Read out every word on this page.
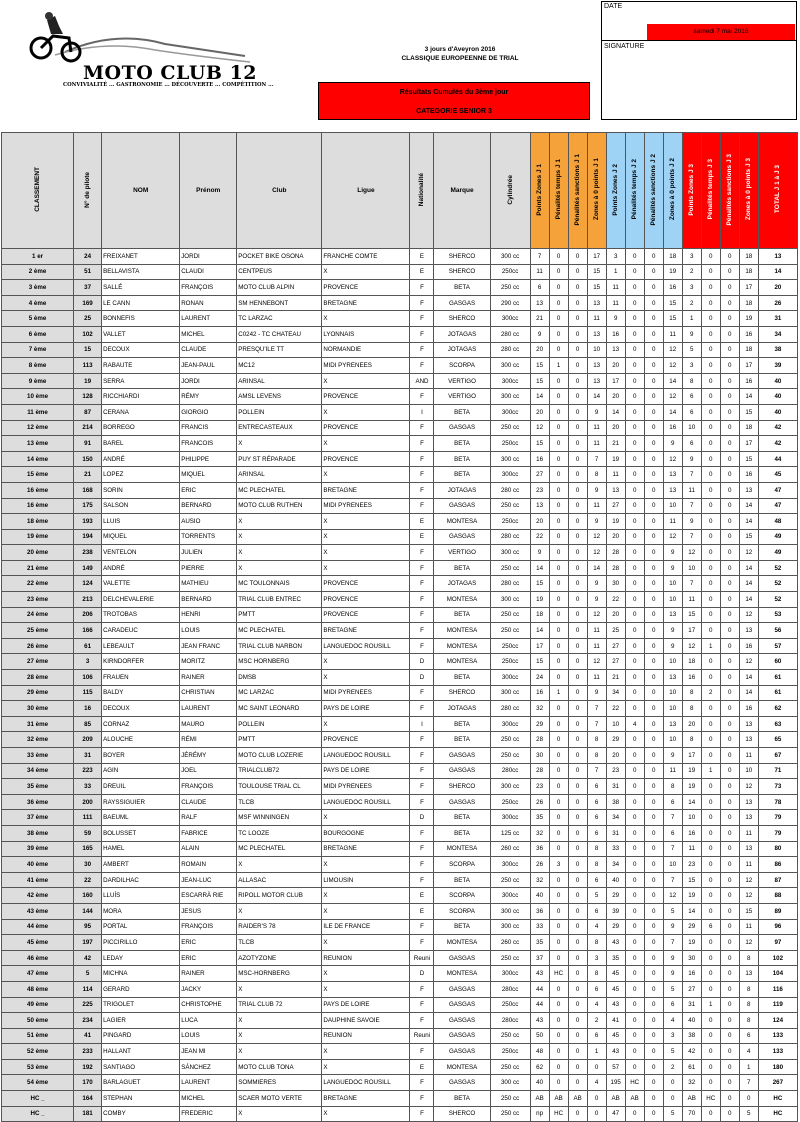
MOTO CLUB 12
CONVIVIALITÉ ... GASTRONOMIE ... DÉCOUVERTE ... COMPÉTITION ...
3 jours d'Aveyron 2016
CLASSIQUE EUROPEENNE DE TRIAL
Résultats Cumulés du 3ème jour
CATEGORIE SENIOR 3
DATE
samedi 7 mai 2016
SIGNATURE
CLASSEMENT	N° de pilote	NOM	Prénom	Club	Ligue	Nationalité	Marque	Cylindrée	Points Zones J 1	Pénalités temps J 1	Pénalités sanctions J 1	Zones à 0 points J 1	Points Zones J 2	Pénalités temps J 2	Pénalités sanctions J 2	Zones à 0 points J 2	Points Zones J 3	Pénalités temps J 3	Pénalités sanctions J 3	Zones à 0 points J 3	TOTAL J 1 à J 3
1 er	24	FREIXANET	JORDI	POCKET BIKE OSONA	FRANCHE COMTE	E	SHERCO	300 cc	7	0	0	17	3	0	0	18	3	0	0	18	13
2 ème	51	BELLAVISTA	CLAUDI	CENTPEUS	X	E	SHERCO	250cc	11	0	0	15	1	0	0	19	2	0	0	18	14
3 ème	37	SALLÉ	FRANÇOIS	MOTO CLUB ALPIN	PROVENCE	F	BETA	250 cc	6	0	0	15	11	0	0	16	3	0	0	17	20
4 ème	169	LE CANN	RONAN	SM HENNEBONT	BRETAGNE	F	GASGAS	290 cc	13	0	0	13	11	0	0	15	2	0	0	18	26
5 ème	25	BONNEFIS	LAURENT	TC LARZAC	X	F	SHERCO	300cc	21	0	0	11	9	0	0	15	1	0	0	19	31
6 ème	102	VALLET	MICHEL	C0242 - TC CHATEAU	LYONNAIS	F	JOTAGAS	280 cc	9	0	0	13	16	0	0	11	9	0	0	16	34
7 ème	15	DECOUX	CLAUDE	PRESQU'ILE TT	NORMANDIE	F	JOTAGAS	280 cc	20	0	0	10	13	0	0	12	5	0	0	18	38
8 ème	113	RABAUTE	JEAN-PAUL	MC12	MIDI PYRENEES	F	SCORPA	300 cc	15	1	0	13	20	0	0	12	3	0	0	17	39
9 ème	19	SERRA	JORDI	ARINSAL	X	AND	VERTIGO	300cc	15	0	0	13	17	0	0	14	8	0	0	16	40
10 ème	128	RICCHIARDI	RÉMY	AMSL LEVENS	PROVENCE	F	VERTIGO	300 cc	14	0	0	14	20	0	0	12	6	0	0	14	40
11 ème	87	CERANA	GIORGIO	POLLEIN	X	I	BETA	300cc	20	0	0	9	14	0	0	14	6	0	0	15	40
12 ème	214	BORREGO	FRANCIS	ENTRECASTEAUX	PROVENCE	F	GASGAS	250 cc	12	0	0	11	20	0	0	16	10	0	0	18	42
13 ème	91	BAREL	FRANCOIS	X	X	F	BETA	250cc	15	0	0	11	21	0	0	9	6	0	0	17	42
14 ème	150	ANDRÉ	PHILIPPE	PUY ST RÉPARADE	PROVENCE	F	BETA	300 cc	16	0	0	7	19	0	0	12	9	0	0	15	44
15 ème	21	LOPEZ	MIQUEL	ARINSAL	X	F	BETA	300cc	27	0	0	8	11	0	0	13	7	0	0	16	45
16 ème	168	SORIN	ERIC	MC PLECHATEL	BRETAGNE	F	JOTAGAS	280 cc	23	0	0	9	13	0	0	13	11	0	0	13	47
16 ème	175	SALSON	BERNARD	MOTO CLUB RUTHEN	MIDI PYRENEES	F	GASGAS	250 cc	13	0	0	11	27	0	0	10	7	0	0	14	47
18 ème	193	LLUIS	AUSIO	X	X	E	MONTESA	250cc	20	0	0	9	19	0	0	11	9	0	0	14	48
19 ème	194	MIQUEL	TORRENTS	X	X	E	GASGAS	280 cc	22	0	0	12	20	0	0	12	7	0	0	15	49
20 ème	238	VENTELON	JULIEN	X	X	F	VERTIGO	300 cc	9	0	0	12	28	0	0	9	12	0	0	12	49
21 ème	149	ANDRÉ	PIERRE	X	X	F	BETA	250 cc	14	0	0	14	28	0	0	9	10	0	0	14	52
22 ème	124	VALETTE	MATHIEU	MC TOULONNAIS	PROVENCE	F	JOTAGAS	280 cc	15	0	0	9	30	0	0	10	7	0	0	14	52
23 ème	213	DELCHEVALERIE	BERNARD	TRIAL CLUB ENTREC	PROVENCE	F	MONTESA	300 cc	19	0	0	9	22	0	0	10	11	0	0	14	52
24 ème	206	TROTOBAS	HENRI	PMTT	PROVENCE	F	BETA	250 cc	18	0	0	12	20	0	0	13	15	0	0	12	53
25 ème	166	CARADEUC	LOUIS	MC PLECHATEL	BRETAGNE	F	MONTESA	250 cc	14	0	0	11	25	0	0	9	17	0	0	13	56
26 ème	61	LEBEAULT	JEAN FRANC	TRIAL CLUB NARBON	LANGUEDOC ROUSILL	F	MONTESA	250cc	17	0	0	11	27	0	0	9	12	1	0	16	57
27 ème	3	KIRNDORFER	MORITZ	MSC HORNBERG	X	D	MONTESA	250cc	15	0	0	12	27	0	0	10	18	0	0	12	60
28 ème	106	FRAUEN	RAINER	DMSB	X	D	BETA	300cc	24	0	0	11	21	0	0	13	16	0	0	14	61
29 ème	115	BALDY	CHRISTIAN	MC LARZAC	MIDI PYRENEES	F	SHERCO	300 cc	16	1	0	9	34	0	0	10	8	2	0	14	61
30 ème	16	DECOUX	LAURENT	MC SAINT LEONARD	PAYS DE LOIRE	F	JOTAGAS	280 cc	32	0	0	7	22	0	0	10	8	0	0	16	62
31 ème	85	CORNAZ	MAURO	POLLEIN	X	I	BETA	300cc	29	0	0	7	10	4	0	13	20	0	0	13	63
32 ème	209	ALOUCHE	RÉMI	PMTT	PROVENCE	F	BETA	250 cc	28	0	0	8	29	0	0	10	8	0	0	13	65
33 ème	31	BOYER	JÉRÉMY	MOTO CLUB LOZERIE	LANGUEDOC ROUSILL	F	GASGAS	250 cc	30	0	0	8	20	0	0	9	17	0	0	11	67
34 ème	223	AGIN	JOEL	TRIALCLUB72	PAYS DE LOIRE	F	GASGAS	280cc	28	0	0	7	23	0	0	11	19	1	0	10	71
35 ème	33	DREUIL	FRANÇOIS	TOULOUSE TRIAL CL	MIDI PYRENEES	F	SHERCO	300 cc	23	0	0	6	31	0	0	8	19	0	0	12	73
36 ème	200	RAYSSIGUIER	CLAUDE	TLCB	LANGUEDOC ROUSILL	F	GASGAS	250cc	26	0	0	6	38	0	0	6	14	0	0	13	78
37 ème	111	BAEUML	RALF	MSF WINNINGEN	X	D	BETA	300cc	35	0	0	6	34	0	0	7	10	0	0	13	79
38 ème	59	BOLUSSET	FABRICE	TC LOOZE	BOURGOGNE	F	BETA	125 cc	32	0	0	6	31	0	0	6	16	0	0	11	79
39 ème	165	HAMEL	ALAIN	MC PLECHATEL	BRETAGNE	F	MONTESA	260 cc	36	0	0	8	33	0	0	7	11	0	0	13	80
40 ème	30	AMBERT	ROMAIN	X	X	F	SCORPA	300cc	26	3	0	8	34	0	0	10	23	0	0	11	86
41 ème	22	DARDILHAC	JEAN-LUC	ALLASAC	LIMOUSIN	F	BETA	250 cc	32	0	0	6	40	0	0	7	15	0	0	12	87
42 ème	160	LLUÍS	ESCARRÀ RIE	RIPOLL MOTOR CLUB	X	E	SCORPA	300cc	40	0	0	5	29	0	0	12	19	0	0	12	88
43 ème	144	MORA	JESUS	X	X	E	SCORPA	300 cc	36	0	0	6	39	0	0	5	14	0	0	15	89
44 ème	95	PORTAL	FRANÇOIS	RAIDER'S 78	ILE DE FRANCE	F	BETA	300 cc	33	0	0	4	29	0	0	9	29	6	0	11	96
45 ème	197	PICCIRILLO	ERIC	TLCB	X	F	MONTESA	260 cc	35	0	0	8	43	0	0	7	19	0	0	12	97
46 ème	42	LEDAY	ERIC	AZOTYZONE	REUNION	Reuni	GASGAS	250 cc	37	0	0	3	35	0	0	9	30	0	0	8	102
47 ème	5	MICHNA	RAINER	MSC-HORNBERG	X	D	MONTESA	300cc	43	HC	0	8	45	0	0	9	16	0	0	13	104
48 ème	114	GERARD	JACKY	X	X	F	GASGAS	280cc	44	0	0	6	45	0	0	5	27	0	0	8	116
49 ème	225	TRIGOLET	CHRISTOPHE	TRIAL CLUB 72	PAYS DE LOIRE	F	GASGAS	250cc	44	0	0	4	43	0	0	6	31	1	0	8	119
50 ème	234	LAGIER	LUCA	X	DAUPHINE SAVOIE	F	GASGAS	280cc	43	0	0	2	41	0	0	4	40	0	0	8	124
51 ème	41	PINGARD	LOUIS	X	REUNION	Reuni	GASGAS	250 cc	50	0	0	6	45	0	0	3	38	0	0	6	133
52 ème	233	HALLANT	JEAN MI	X	X	F	GASGAS	250cc	48	0	0	1	43	0	0	5	42	0	0	4	133
53 ème	192	SANTIAGO	SÁNCHEZ	MOTO CLUB TONA	X	E	MONTESA	250 cc	62	0	0	0	57	0	0	2	61	0	0	1	180
54 ème	170	BARLAGUET	LAURENT	SOMMIERES	LANGUEDOC ROUSILL	F	GASGAS	300 cc	40	0	0	4	195	HC	0	0	32	0	0	7	267
HC _	164	STEPHAN	MICHEL	SCAER MOTO VERTE	BRETAGNE	F	BETA	250 cc	AB	AB	AB	0	AB	AB	0	0	AB	HC	0	0	HC
HC _	181	COMBY	FREDERIC	X	X	F	SHERCO	250 cc	np	HC	0	0	47	0	0	5	70	0	0	5	HC
